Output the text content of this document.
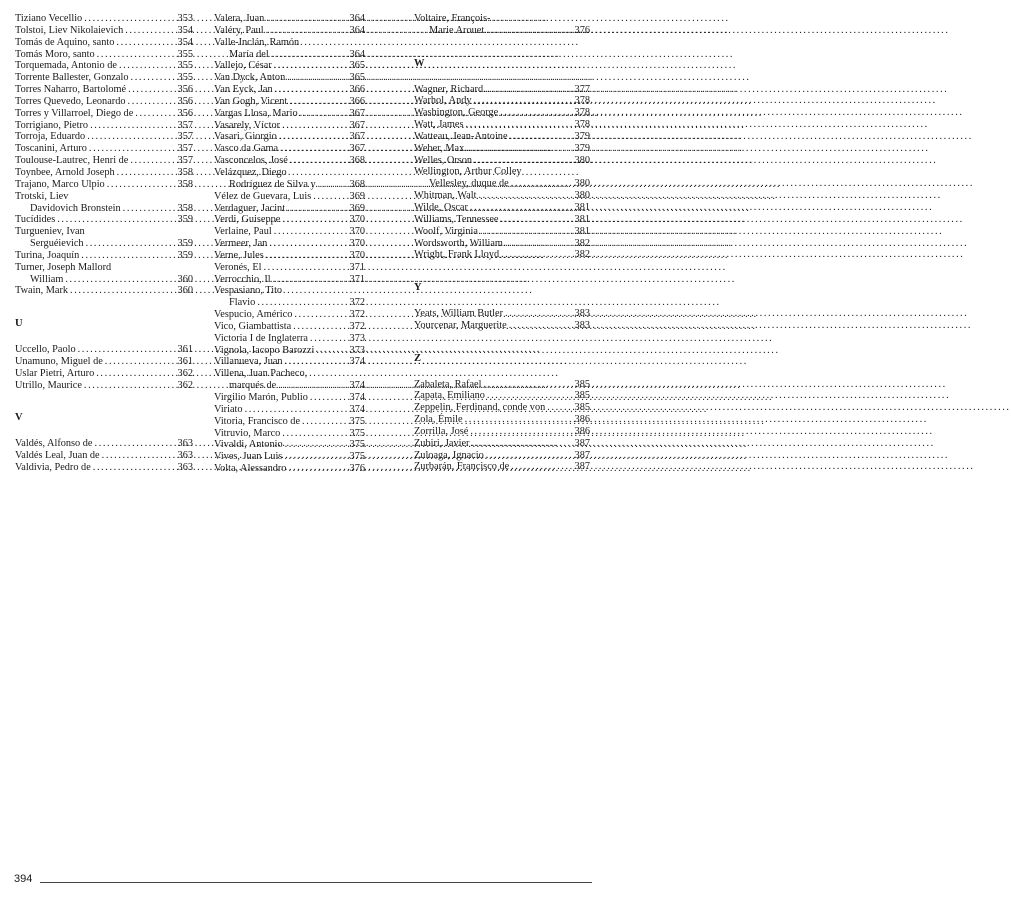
Tiziano Vecellio .....	353
Tolstoi, Liev Nikolaievich .....	354
Tomás de Aquino, santo .....	354
Tomás Moro, santo .....	355
Torquemada, Antonio de .....	355
Torrente Ballester, Gonzalo .....	355
Torres Naharro, Bartolomé .....	356
Torres Quevedo, Leonardo .....	356
Torres y Villarroel, Diego de .....	356
Torrigiano, Pietro .....	357
Torroja, Eduardo .....	357
Toscanini, Arturo .....	357
Toulouse-Lautrec, Henri de .....	357
Toynbee, Arnold Joseph .....	358
Trajano, Marco Ulpio .....	358
Trotski, Liev
Davidovich Bronstein .....	358
Tucídides .....	359
Turgueniev, Ivan
Serguéievich .....	359
Turina, Joaquín .....	359
Turner, Joseph Mallord
William .....	360
Twain, Mark .....	360
U
Uccello, Paolo .....	361
Unamuno, Miguel de .....	361
Uslar Pietri, Arturo .....	362
Utrillo, Maurice .....	362
V
Valdés, Alfonso de .....	363
Valdés Leal, Juan de .....	363
Valdivia, Pedro de .....	363
Valera, Juan .....	364
Valéry, Paul .....	364
Valle-Inclán, Ramón
María del .....	364
Vallejo, César .....	365
Van Dyck, Anton .....	365
Van Eyck, Jan .....	366
Van Gogh, Vicent .....	366
Vargas Llosa, Mario .....	367
Vasarely, Víctor .....	367
Vasari, Giorgio .....	367
Vasco da Gama .....	367
Vasconcelos, José .....	368
Velázquez, Diego
Rodríguez de Silva y .....	368
Vélez de Guevara, Luis .....	369
Verdaguer, Jacint .....	369
Verdi, Guiseppe .....	370
Verlaine, Paul .....	370
Vermeer, Jan .....	370
Verne, Jules .....	370
Veronés, El .....	371
Verrocchio, Il .....	371
Vespasiano, Tito
Flavio .....	372
Vespucio, Américo .....	372
Vico, Giambattista .....	372
Victoria I de Inglaterra .....	373
Vignola, Iacopo Barozzi .....	373
Villanueva, Juan .....	374
Villena, Juan Pacheco,
marqués de .....	374
Virgilio Marón, Publio .....	374
Viriato .....	374
Vitoria, Francisco de .....	375
Vitruvio, Marco .....	375
Vivaldi, Antonio .....	375
Vives, Juan Luis .....	375
Volta, Alessandro .....	376
Voltaire, François-
Marie Arouet .....	376
W
Wagner, Richard .....	377
Warhol, Andy .....	378
Washington, George .....	378
Watt, James .....	378
Watteau, Jean-Antoine .....	379
Weber, Max .....	379
Welles, Orson .....	380
Wellington, Arthur Colley
Vellesley, duque de .....	380
Whitman, Walt .....	380
Wilde, Oscar .....	381
Williams, Tennessee .....	381
Woolf, Virginia .....	381
Wordsworth, William .....	382
Wright, Frank Lloyd .....	382
Y
Yeats, William Butler .....	383
Yourcenar, Marguerite .....	383
Z
Zabaleta, Rafael .....	385
Zapata, Emiliano .....	385
Zeppelin, Ferdinand, conde von .....	385
Zola, Émile .....	386
Zorrilla, José .....	386
Zubiri, Javier .....	387
Zuloaga, Ignacio .....	387
Zurbarán, Francisco de .....	387
394
